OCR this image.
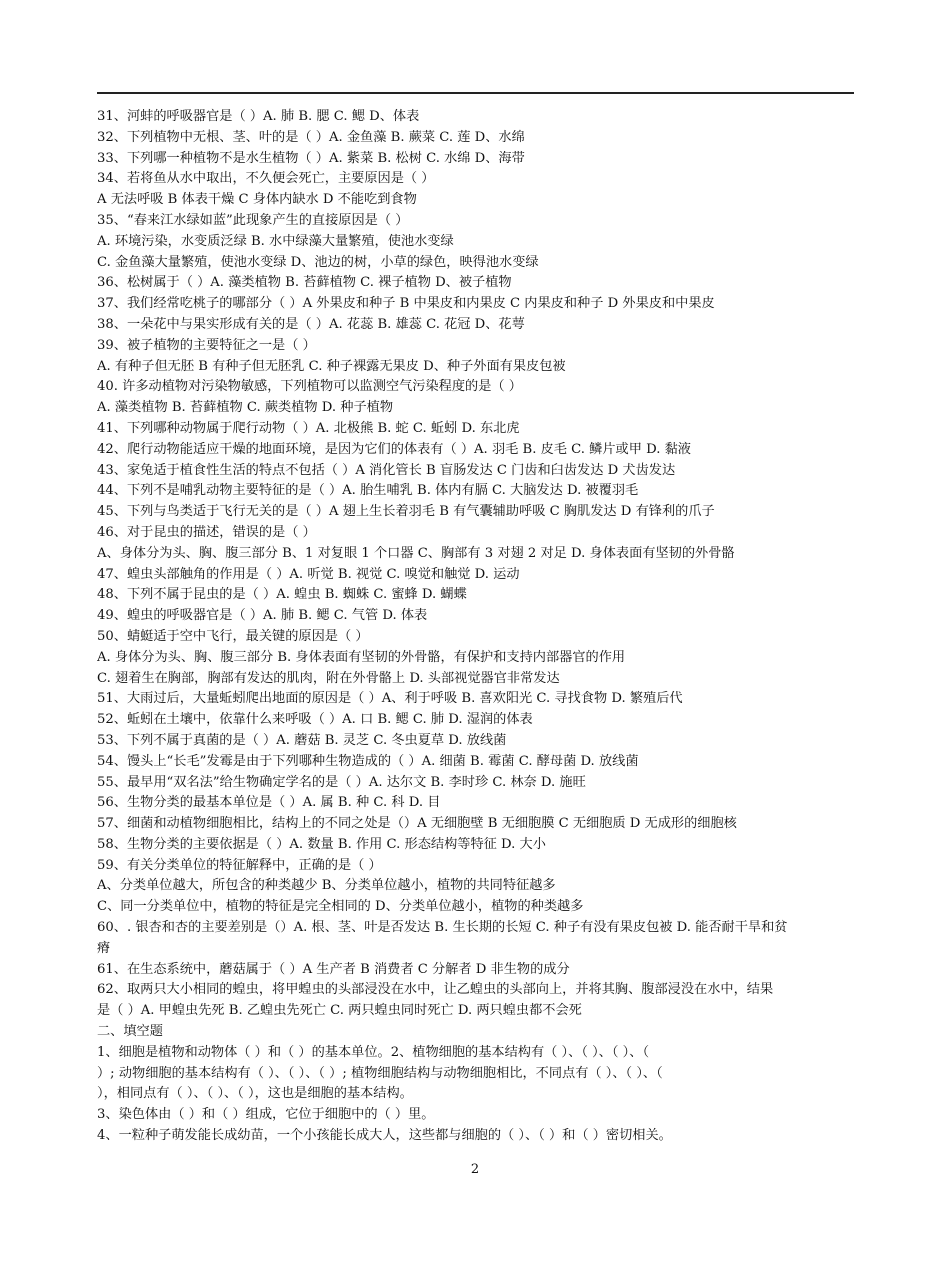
31、河蚌的呼吸器官是（ ）A. 肺 B. 腮 C. 鳃 D、体表
32、下列植物中无根、茎、叶的是（ ）A. 金鱼藻 B. 蕨菜 C. 莲 D、水绵
33、下列哪一种植物不是水生植物（ ）A. 紫菜 B. 松树 C. 水绵 D、海带
34、若将鱼从水中取出，不久便会死亡，主要原因是（ ）
A 无法呼吸 B 体表干燥 C 身体内缺水 D 不能吃到食物
35、“春来江水绿如蓝”此现象产生的直接原因是（ ）
A. 环境污染，水变质泛绿 B. 水中绿藻大量繁殖，使池水变绿
C. 金鱼藻大量繁殖，使池水变绿 D、池边的树，小草的绿色，映得池水变绿
36、松树属于（ ）A. 藻类植物 B. 苔藓植物 C. 裸子植物 D、被子植物
37、我们经常吃桃子的哪部分（ ）A 外果皮和种子 B 中果皮和内果皮 C 内果皮和种子 D 外果皮和中果皮
38、一朵花中与果实形成有关的是（ ）A. 花蕊 B. 雄蕊 C. 花冠 D、花萼
39、被子植物的主要特征之一是（ ）
A. 有种子但无胚 B 有种子但无胚乳 C. 种子裸露无果皮 D、种子外面有果皮包被
40. 许多动植物对污染物敏感，下列植物可以监测空气污染程度的是（ ）
A. 藻类植物 B. 苔藓植物 C. 蕨类植物 D. 种子植物
41、下列哪种动物属于爬行动物（ ）A. 北极熊 B. 蛇 C. 蚯蚓 D. 东北虎
42、爬行动物能适应干燥的地面环境，是因为它们的体表有（ ）A. 羽毛 B. 皮毛 C. 鳞片或甲 D. 黏液
43、家兔适于植食性生活的特点不包括（ ）A 消化管长 B 盲肠发达 C 门齿和臼齿发达 D 犬齿发达
44、下列不是哺乳动物主要特征的是（ ）A. 胎生哺乳 B. 体内有膈 C. 大脑发达 D. 被覆羽毛
45、下列与鸟类适于飞行无关的是（ ）A 翅上生长着羽毛 B 有气囊辅助呼吸 C 胸肌发达 D 有锋利的爪子
46、对于昆虫的描述，错误的是（ ）
A、身体分为头、胸、腹三部分 B、1 对复眼 1 个口器 C、胸部有 3 对翅 2 对足 D. 身体表面有坚韧的外骨骼
47、蝗虫头部触角的作用是（ ）A. 听觉 B. 视觉 C. 嗅觉和触觉 D. 运动
48、下列不属于昆虫的是（ ）A. 蝗虫 B. 蜘蛛 C. 蜜蜂 D. 蝴蝶
49、蝗虫的呼吸器官是（ ）A. 肺 B. 鳃 C. 气管 D. 体表
50、蜻蜓适于空中飞行，最关键的原因是（ ）
A. 身体分为头、胸、腹三部分 B. 身体表面有坚韧的外骨骼，有保护和支持内部器官的作用
C. 翅着生在胸部，胸部有发达的肌肉，附在外骨骼上 D. 头部视觉器官非常发达
51、大雨过后，大量蚯蚓爬出地面的原因是（ ）A、利于呼吸 B. 喜欢阳光 C. 寻找食物 D. 繁殖后代
52、蚯蚓在土壤中，依靠什么来呼吸（ ）A. 口 B. 鳃 C. 肺 D. 湿润的体表
53、下列不属于真菌的是（ ）A. 蘑菇 B. 灵芝 C. 冬虫夏草 D. 放线菌
54、馒头上“长毛”发霉是由于下列哪种生物造成的（ ）A. 细菌 B. 霉菌 C. 酵母菌 D. 放线菌
55、最早用“双名法”给生物确定学名的是（ ）A. 达尔文 B. 李时珍 C. 林奈 D. 施旺
56、生物分类的最基本单位是（ ）A. 属 B. 种 C. 科 D. 目
57、细菌和动植物细胞相比，结构上的不同之处是（）A 无细胞壁 B 无细胞膜 C 无细胞质 D 无成形的细胞核
58、生物分类的主要依据是（ ）A. 数量 B. 作用 C. 形态结构等特征 D. 大小
59、有关分类单位的特征解释中，正确的是（ ）
A、分类单位越大，所包含的种类越少 B、分类单位越小，植物的共同特征越多
C、同一分类单位中，植物的特征是完全相同的 D、分类单位越小，植物的种类越多
60、. 银杏和杏的主要差别是（）A. 根、茎、叶是否发达 B. 生长期的长短 C. 种子有没有果皮包被 D. 能否耐干旱和贫
瘠
61、在生态系统中，蘑菇属于（ ）A 生产者 B 消费者 C 分解者 D 非生物的成分
62、取两只大小相同的蝗虫，将甲蝗虫的头部浸没在水中，让乙蝗虫的头部向上，并将其胸、腹部浸没在水中，结果
是（ ）A. 甲蝗虫先死 B. 乙蝗虫先死亡 C. 两只蝗虫同时死亡 D. 两只蝗虫都不会死
二、填空题
1、细胞是植物和动物体（ ）和（ ）的基本单位。2、植物细胞的基本结构有（ ）、（ ）、（ ）、（
）; 动物细胞的基本结构有（ ）、（ ）、（ ）; 植物细胞结构与动物细胞相比，不同点有（ ）、（ ）、（
），相同点有（ ）、（ ）、（ ），这也是细胞的基本结构。
3、染色体由（ ）和（ ）组成，它位于细胞中的（ ）里。
4、一粒种子萌发能长成幼苗，一个小孩能长成大人，这些都与细胞的（ ）、（ ）和（ ）密切相关。
2
